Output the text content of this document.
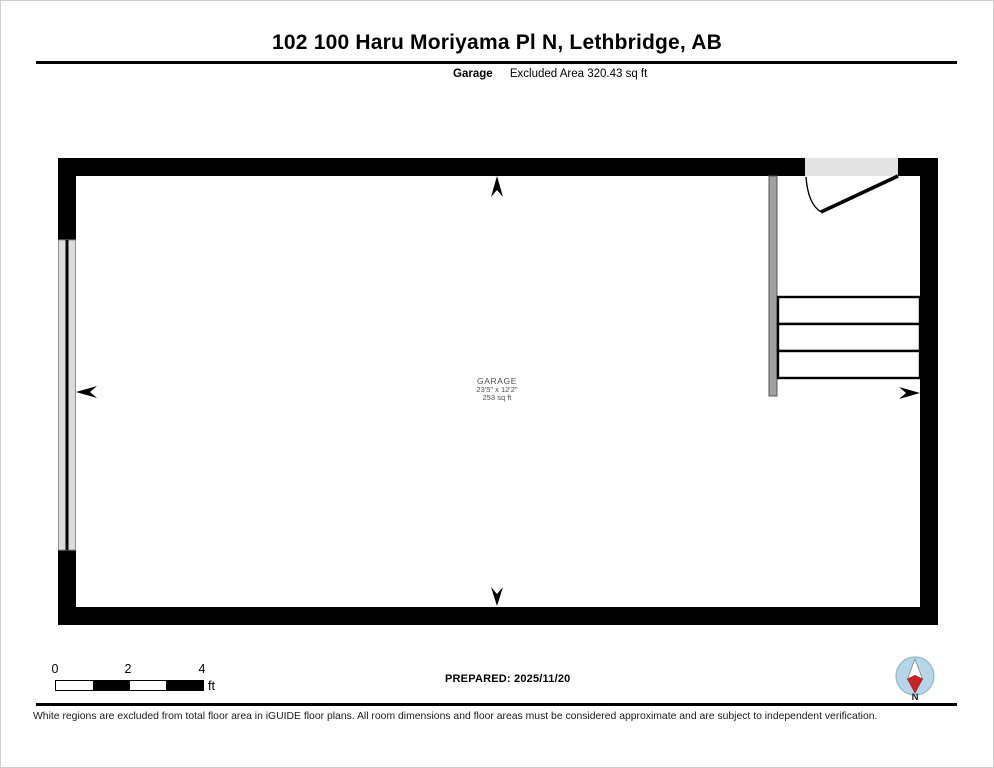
102 100 Haru Moriyama Pl N, Lethbridge, AB
Garage Excluded Area 320.43 sq ft
GARAGE
23'5" x 12'2"
253 sq ft
0	2	4
ft	PREPARED: 2025/11/20
N
White regions are excluded from total floor area in iGUIDE floor plans. All room dimensions and floor areas must be considered approximate and are subject to independent verification.
